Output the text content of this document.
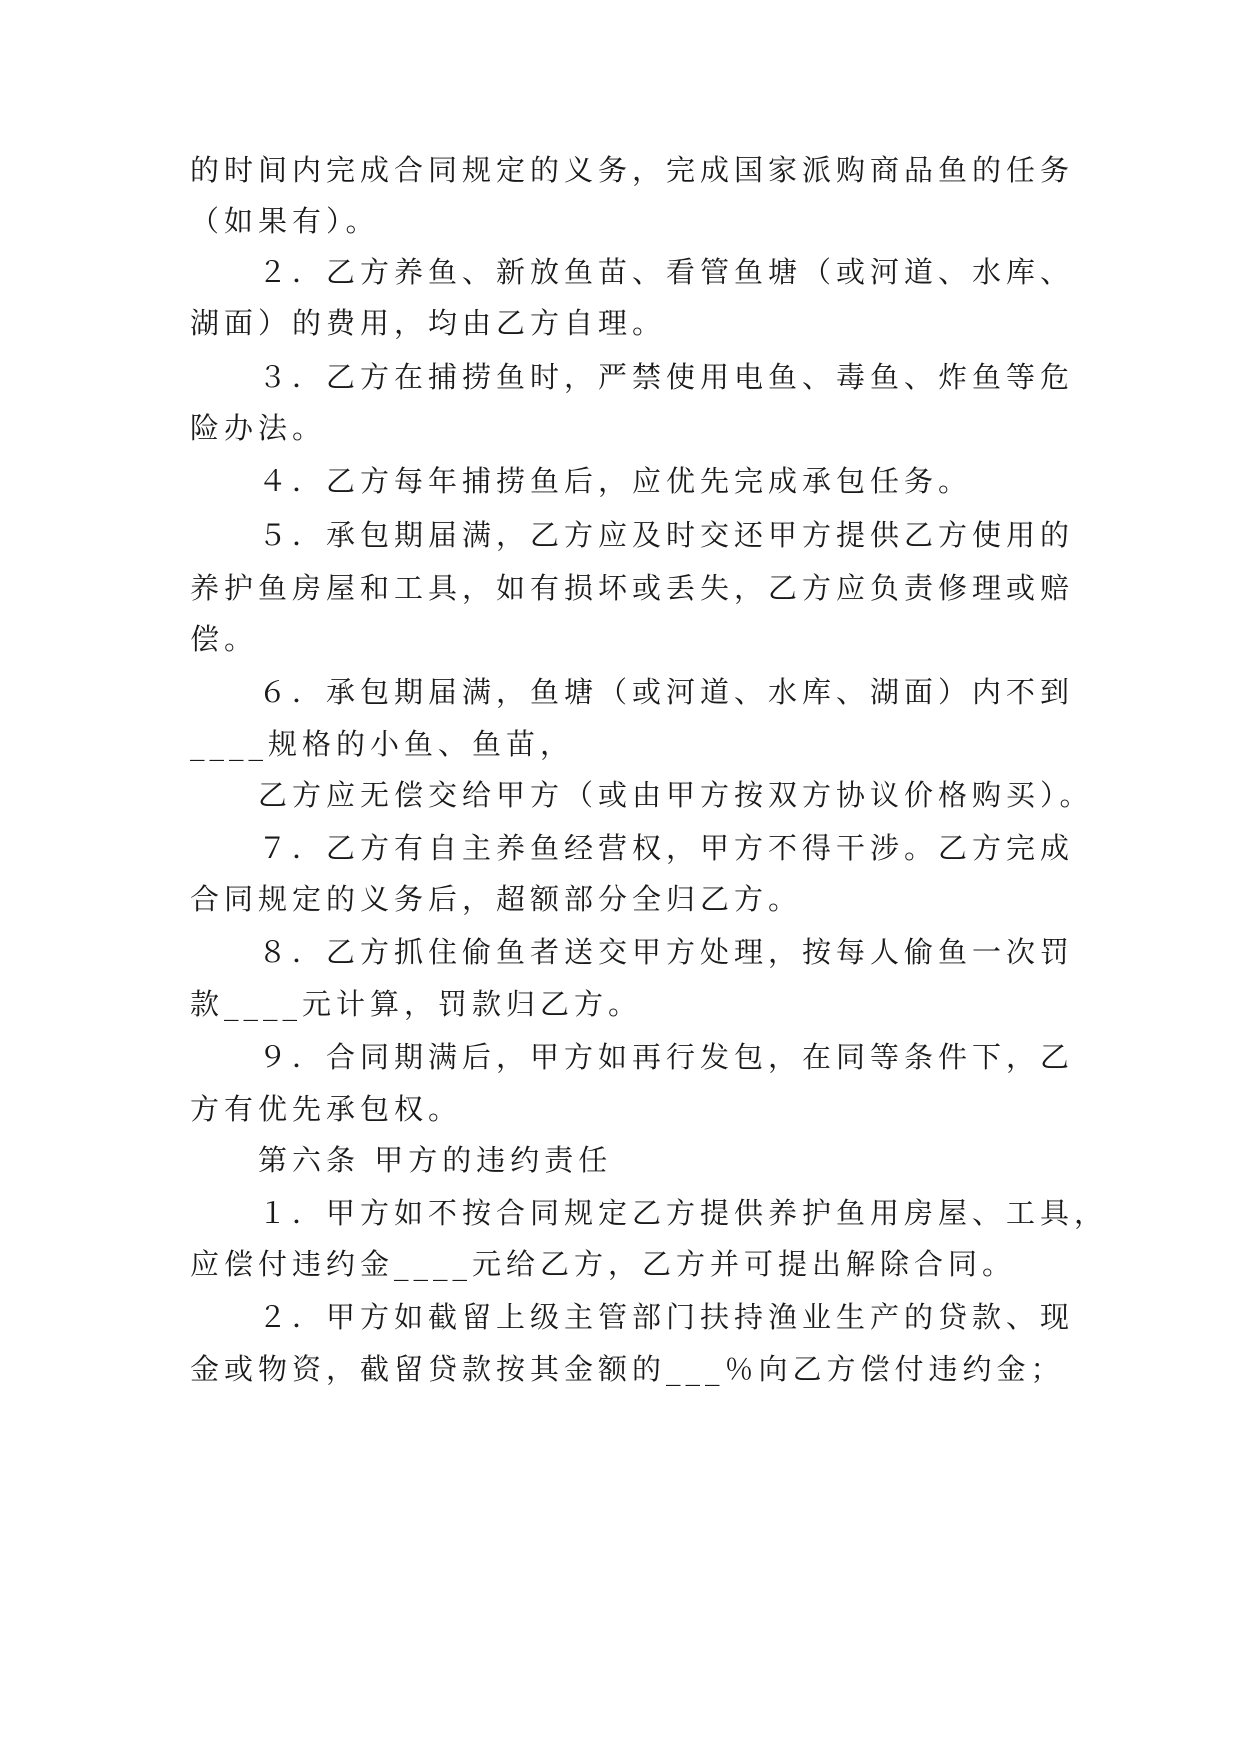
的时间内完成合同规定的义务，完成国家派购商品鱼的任务
（如果有）。
２．乙方养鱼、新放鱼苗、看管鱼塘（或河道、水库、
湖面）的费用，均由乙方自理。
３．乙方在捕捞鱼时，严禁使用电鱼、毒鱼、炸鱼等危
险办法。
４．乙方每年捕捞鱼后，应优先完成承包任务。
５．承包期届满，乙方应及时交还甲方提供乙方使用的
养护鱼房屋和工具，如有损坏或丢失，乙方应负责修理或赔
偿。
６．承包期届满，鱼塘（或河道、水库、湖面）内不到
____规格的小鱼、鱼苗，
乙方应无偿交给甲方（或由甲方按双方协议价格购买）。
７．乙方有自主养鱼经营权，甲方不得干涉。乙方完成
合同规定的义务后，超额部分全归乙方。
８．乙方抓住偷鱼者送交甲方处理，按每人偷鱼一次罚
款____元计算，罚款归乙方。
９．合同期满后，甲方如再行发包，在同等条件下，乙
方有优先承包权。
第六条 甲方的违约责任
１．甲方如不按合同规定乙方提供养护鱼用房屋、工具，
应偿付违约金____元给乙方，乙方并可提出解除合同。
２．甲方如截留上级主管部门扶持渔业生产的贷款、现
金或物资，截留贷款按其金额的___％向乙方偿付违约金；
